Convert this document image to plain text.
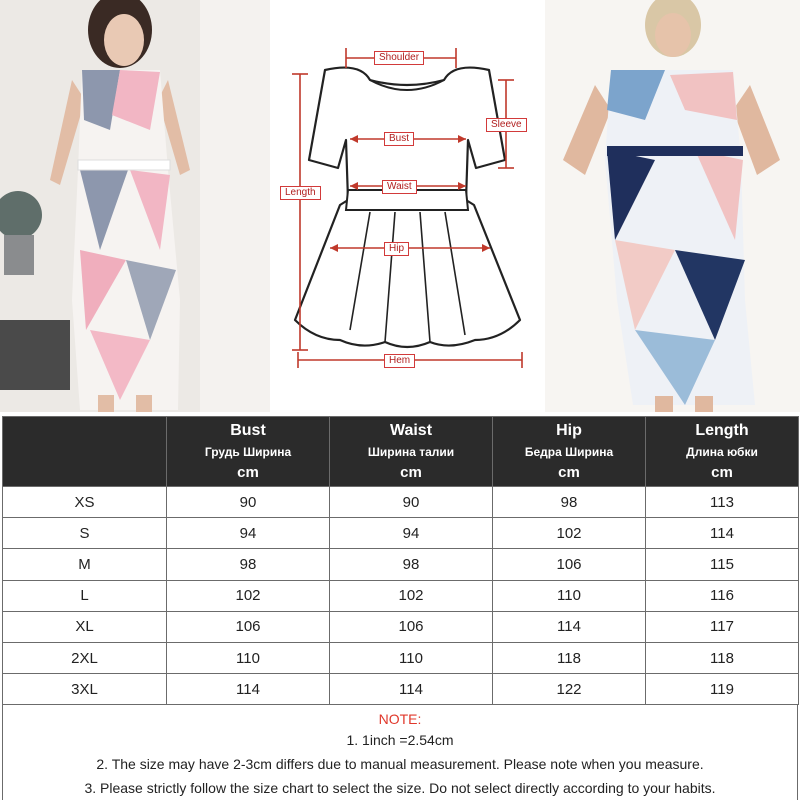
Shoulder
Sleeve
Bust
Length
Waist
Hip
Hem

	Bust
Грудь Ширина
cm	Waist
Ширина талии
cm	Hip
Бедра Ширина
cm	Length
Длина юбки
cm

XS	90	90	98	113
S	94	94	102	114
M	98	98	106	115
L	102	102	110	116
XL	106	106	114	117
2XL	110	110	118	118
3XL	114	114	122	119
NOTE:
1. 1inch =2.54cm
2. The size may have 2-3cm differs due to manual measurement. Please note when you measure.
3. Please strictly follow the size chart to select the size. Do not select directly according to your habits.
